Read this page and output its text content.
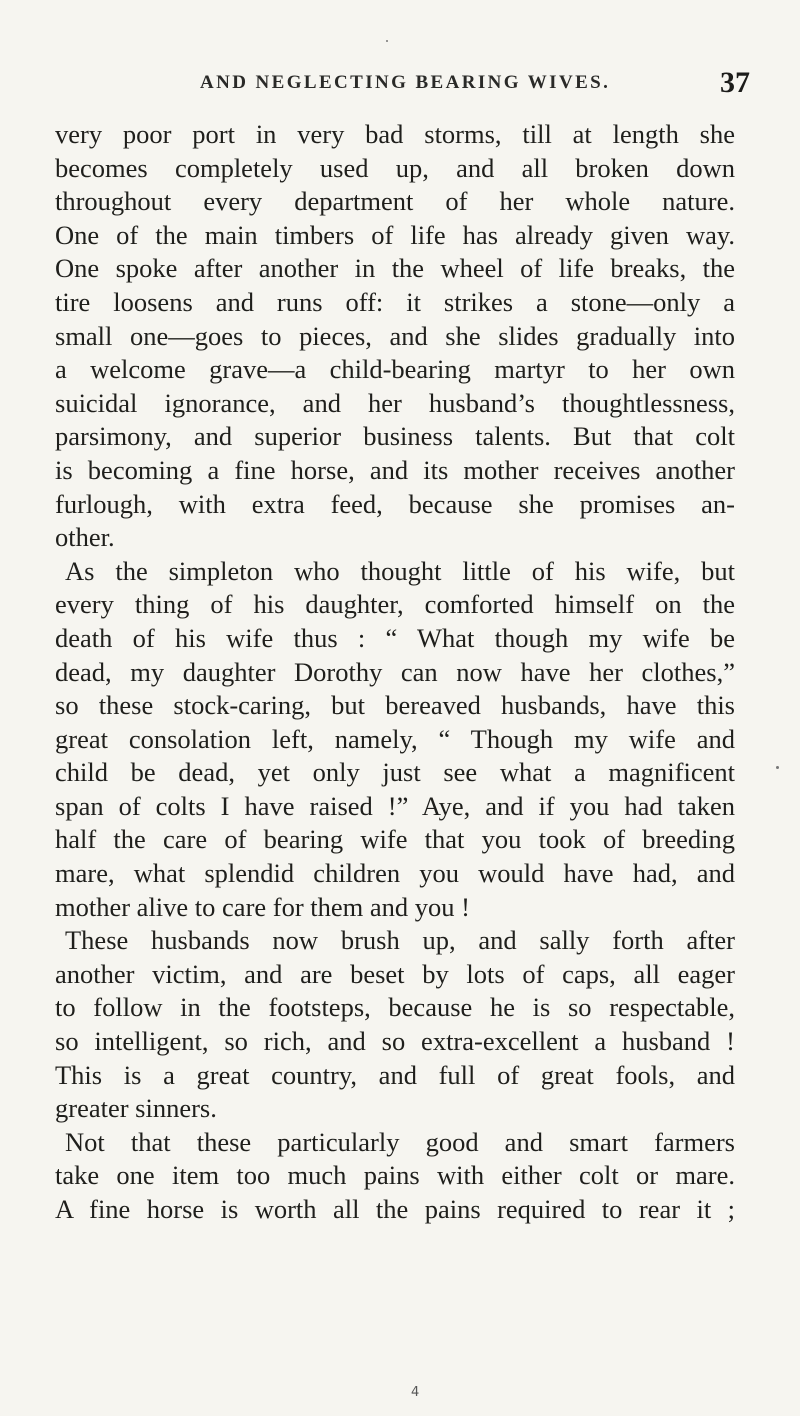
AND NEGLECTING BEARING WIVES.	37
very poor port in very bad storms, till at length she
becomes completely used up, and all broken down
throughout every department of her whole nature.
One of the main timbers of life has already given way.
One spoke after another in the wheel of life breaks, the
tire loosens and runs off: it strikes a stone—only a
small one—goes to pieces, and she slides gradually into
a welcome grave—a child-bearing martyr to her own
suicidal ignorance, and her husband’s thoughtlessness,
parsimony, and superior business talents. But that colt
is becoming a fine horse, and its mother receives another
furlough, with extra feed, because she promises an-
other.
As the simpleton who thought little of his wife, but
every thing of his daughter, comforted himself on the
death of his wife thus : “ What though my wife be
dead, my daughter Dorothy can now have her clothes,”
so these stock-caring, but bereaved husbands, have this
great consolation left, namely, “ Though my wife and
child be dead, yet only just see what a magnificent
span of colts I have raised !” Aye, and if you had taken
half the care of bearing wife that you took of breeding
mare, what splendid children you would have had, and
mother alive to care for them and you !
These husbands now brush up, and sally forth after
another victim, and are beset by lots of caps, all eager
to follow in the footsteps, because he is so respectable,
so intelligent, so rich, and so extra-excellent a husband !
This is a great country, and full of great fools, and
greater sinners.
Not that these particularly good and smart farmers
take one item too much pains with either colt or mare.
A fine horse is worth all the pains required to rear it ;
4
